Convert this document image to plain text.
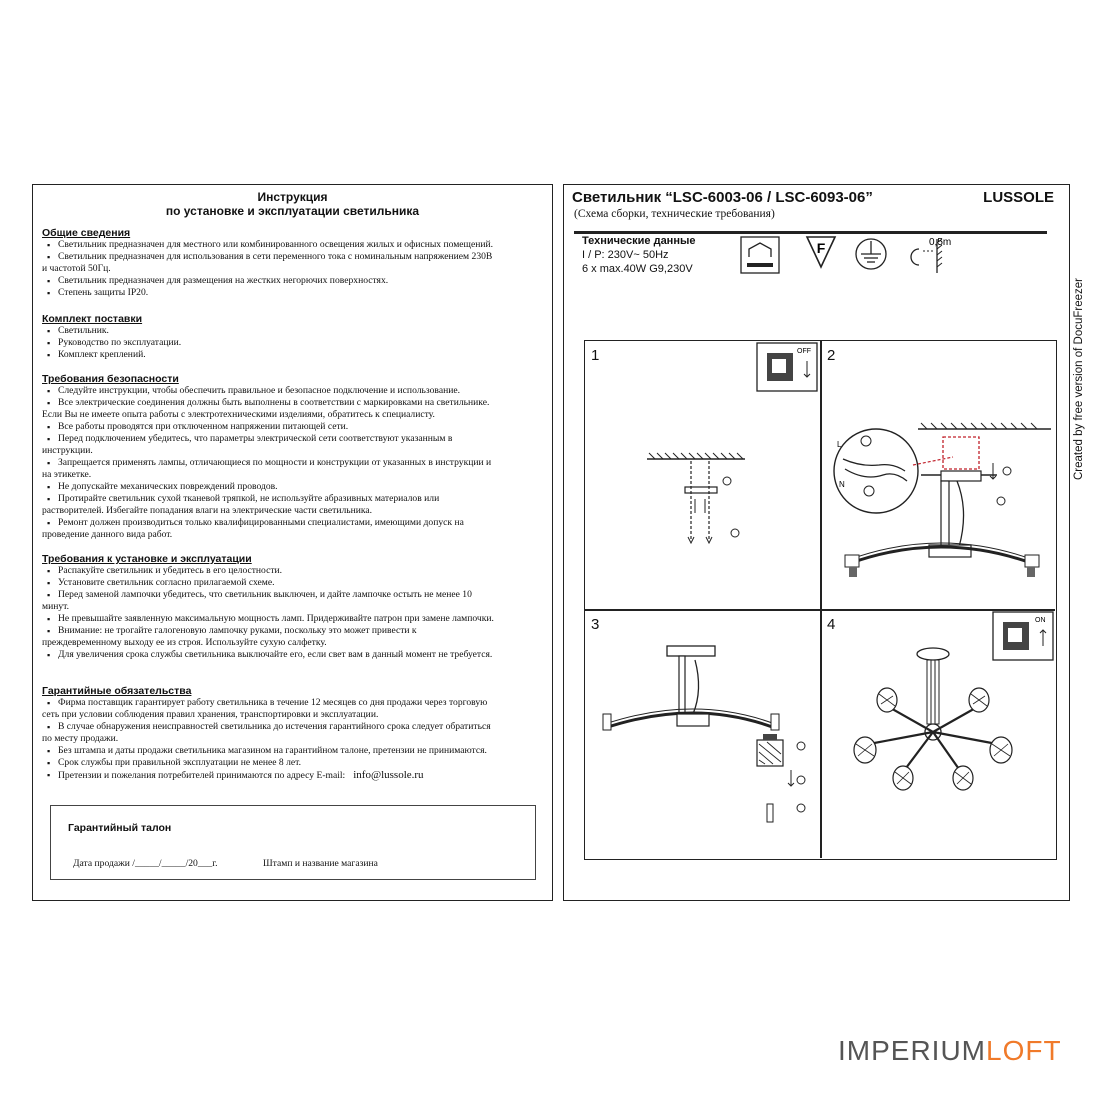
Инструкция
по установке и эксплуатации светильника
Общие сведения
▪ Светильник предназначен для местного или комбинированного освещения жилых и офисных помещений.
▪ Светильник предназначен для использования в сети переменного тока с номинальным напряжением 230В
и частотой 50Гц.
▪ Светильник предназначен для размещения на жестких негорючих поверхностях.
▪ Степень защиты IP20.
Комплект поставки
▪ Светильник.
▪ Руководство по эксплуатации.
▪ Комплект креплений.
Требования безопасности
▪ Следуйте инструкции, чтобы обеспечить правильное и безопасное подключение и использование.
▪ Все электрические соединения должны быть выполнены в соответствии с маркировками на светильнике.
Если Вы не имеете опыта работы с электротехническими изделиями, обратитесь к специалисту.
▪ Все работы проводятся при отключенном напряжении питающей сети.
▪ Перед подключением убедитесь, что параметры электрической сети соответствуют указанным в
инструкции.
▪ Запрещается применять лампы, отличающиеся по мощности и конструкции от указанных в инструкции и
на этикетке.
▪ Не допускайте механических повреждений проводов.
▪ Протирайте светильник сухой тканевой тряпкой, не используйте абразивных материалов или
растворителей. Избегайте попадания влаги на электрические части светильника.
▪ Ремонт должен производиться только квалифицированными специалистами, имеющими допуск на
проведение данного вида работ.
Требования к установке и эксплуатации
▪ Распакуйте светильник и убедитесь в его целостности.
▪ Установите светильник согласно прилагаемой схеме.
▪ Перед заменой лампочки убедитесь, что светильник выключен, и дайте лампочке остыть не менее 10
минут.
▪ Не превышайте заявленную максимальную мощность ламп. Придерживайте патрон при замене лампочки.
▪ Внимание: не трогайте галогеновую лампочку руками, поскольку это может привести к
преждевременному выходу ее из строя. Используйте сухую салфетку.
▪ Для увеличения срока службы светильника выключайте его, если свет вам в данный момент не требуется.
Гарантийные обязательства
▪ Фирма поставщик гарантирует работу светильника в течение 12 месяцев со дня продажи через торговую
сеть при условии соблюдения правил хранения, транспортировки и эксплуатации.
▪ В случае обнаружения неисправностей светильника до истечения гарантийного срока следует обратиться
по месту продажи.
▪ Без штампа и даты продажи светильника магазином на гарантийном талоне, претензии не принимаются.
▪ Срок службы при правильной эксплуатации не менее 8 лет.
▪ Претензии и пожелания потребителей принимаются по адресу E-mail: info@lussole.ru
Гарантийный талон
Дата продажи /_____/_____/20___г.	Штамп и название магазина
Светильник “LSC-6003-06 / LSC-6093-06”	LUSSOLE
(Схема сборки, технические требования)
Технические данные
I / P: 230V~ 50Hz
6 x max.40W G9,230V
F	0,5m
1	OFF 2
L
N
3	4	ON
Created by free version of DocuFreezer
IMPERIUMLOFT
